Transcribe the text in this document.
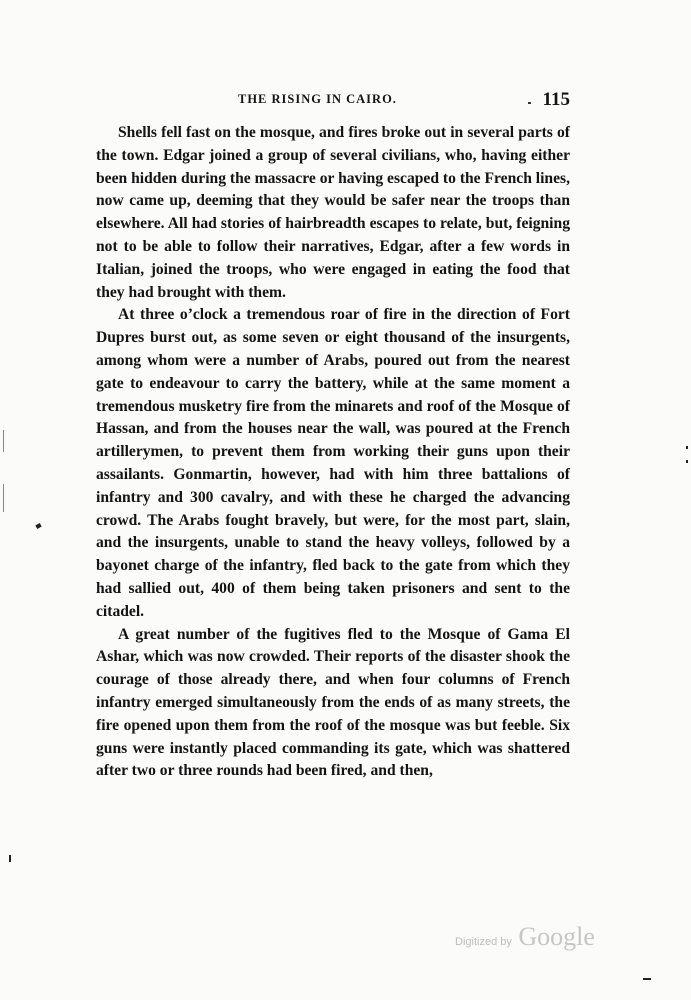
THE RISING IN CAIRO.	115

Shells fell fast on the mosque, and fires broke out in several parts of the town. Edgar joined a group of several civilians, who, having either been hidden during the massacre or having escaped to the French lines, now came up, deeming that they would be safer near the troops than elsewhere. All had stories of hairbreadth escapes to relate, but, feigning not to be able to follow their narratives, Edgar, after a few words in Italian, joined the troops, who were engaged in eating the food that they had brought with them.

At three o’clock a tremendous roar of fire in the direction of Fort Dupres burst out, as some seven or eight thousand of the insurgents, among whom were a number of Arabs, poured out from the nearest gate to endeavour to carry the battery, while at the same moment a tremendous musketry fire from the minarets and roof of the Mosque of Hassan, and from the houses near the wall, was poured at the French artillerymen, to prevent them from working their guns upon their assailants. Gonmartin, however, had with him three battalions of infantry and 300 cavalry, and with these he charged the advancing crowd. The Arabs fought bravely, but were, for the most part, slain, and the insurgents, unable to stand the heavy volleys, followed by a bayonet charge of the infantry, fled back to the gate from which they had sallied out, 400 of them being taken prisoners and sent to the citadel.

A great number of the fugitives fled to the Mosque of Gama El Ashar, which was now crowded. Their reports of the disaster shook the courage of those already there, and when four columns of French infantry emerged simultaneously from the ends of as many streets, the fire opened upon them from the roof of the mosque was but feeble. Six guns were instantly placed commanding its gate, which was shattered after two or three rounds had been fired, and then,

Digitized by Google
